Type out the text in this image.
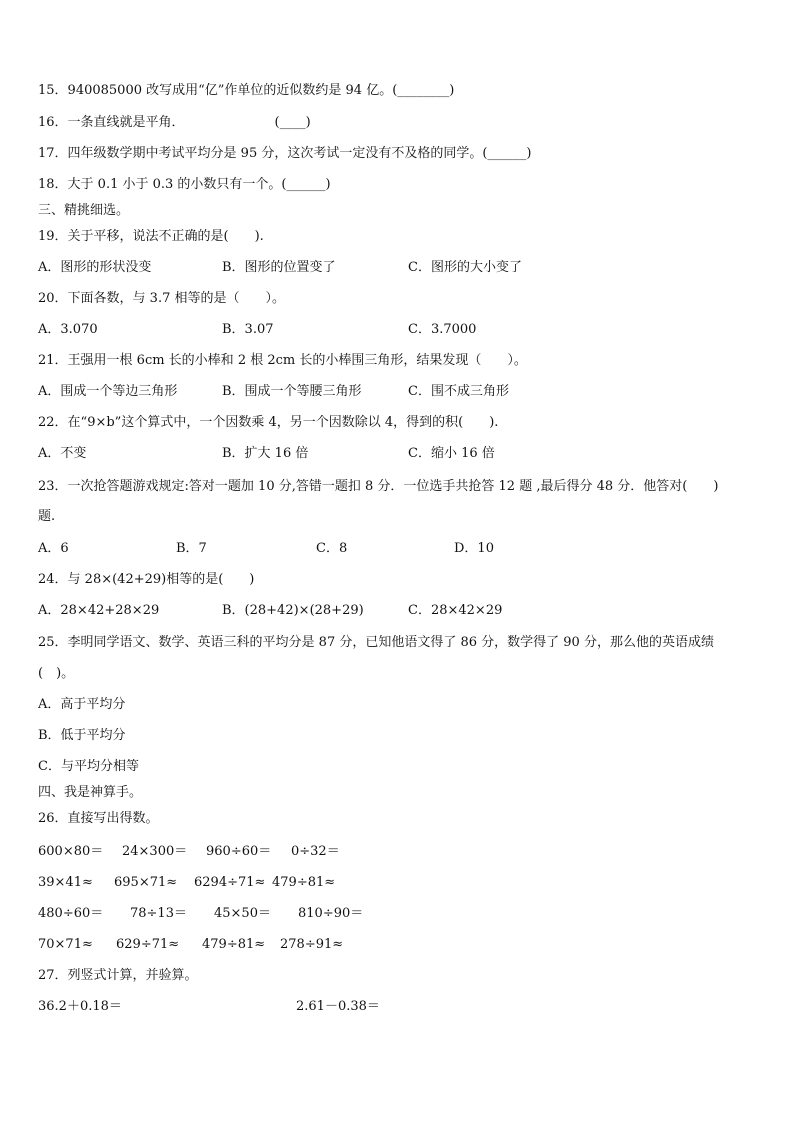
15．940085000 改写成用“亿”作单位的近似数约是 94 亿。(________)
16．一条直线就是平角．	(____)
17．四年级数学期中考试平均分是 95 分，这次考试一定没有不及格的同学。(______)
18．大于 0.1 小于 0.3 的小数只有一个。(______)
三、精挑细选。
19．关于平移，说法不正确的是(　　).
A．图形的形状没变	B．图形的位置变了	C．图形的大小变了
20．下面各数，与 3.7 相等的是（　　）。
A．3.070	B．3.07	C．3.7000
21．王强用一根 6cm 长的小棒和 2 根 2cm 长的小棒围三角形，结果发现（　　）。
A．围成一个等边三角形	B．围成一个等腰三角形	C．围不成三角形
22．在“9×b”这个算式中，一个因数乘 4，另一个因数除以 4，得到的积(　　).
A．不变	B．扩大 16 倍	C．缩小 16 倍
23．一次抢答题游戏规定:答对一题加 10 分,答错一题扣 8 分．一位选手共抢答 12 题 ,最后得分 48 分．他答对(　　)
题.
A．6	B．7	C．8	D．10
24．与 28×(42+29)相等的是(　　)
A．28×42+28×29	B．(28+42)×(28+29)	C．28×42×29
25．李明同学语文、数学、英语三科的平均分是 87 分，已知他语文得了 86 分，数学得了 90 分，那么他的英语成绩
(　)。
A．高于平均分
B．低于平均分
C．与平均分相等
四、我是神算手。
26．直接写出得数。
600×80＝ 24×300＝ 960÷60＝ 0÷32＝
39×41≈ 695×71≈ 6294÷71≈ 479÷81≈
480÷60＝ 78÷13＝ 45×50＝ 810÷90＝
70×71≈ 629÷71≈ 479÷81≈ 278÷91≈
27．列竖式计算，并验算。
36.2＋0.18＝	2.61－0.38＝
